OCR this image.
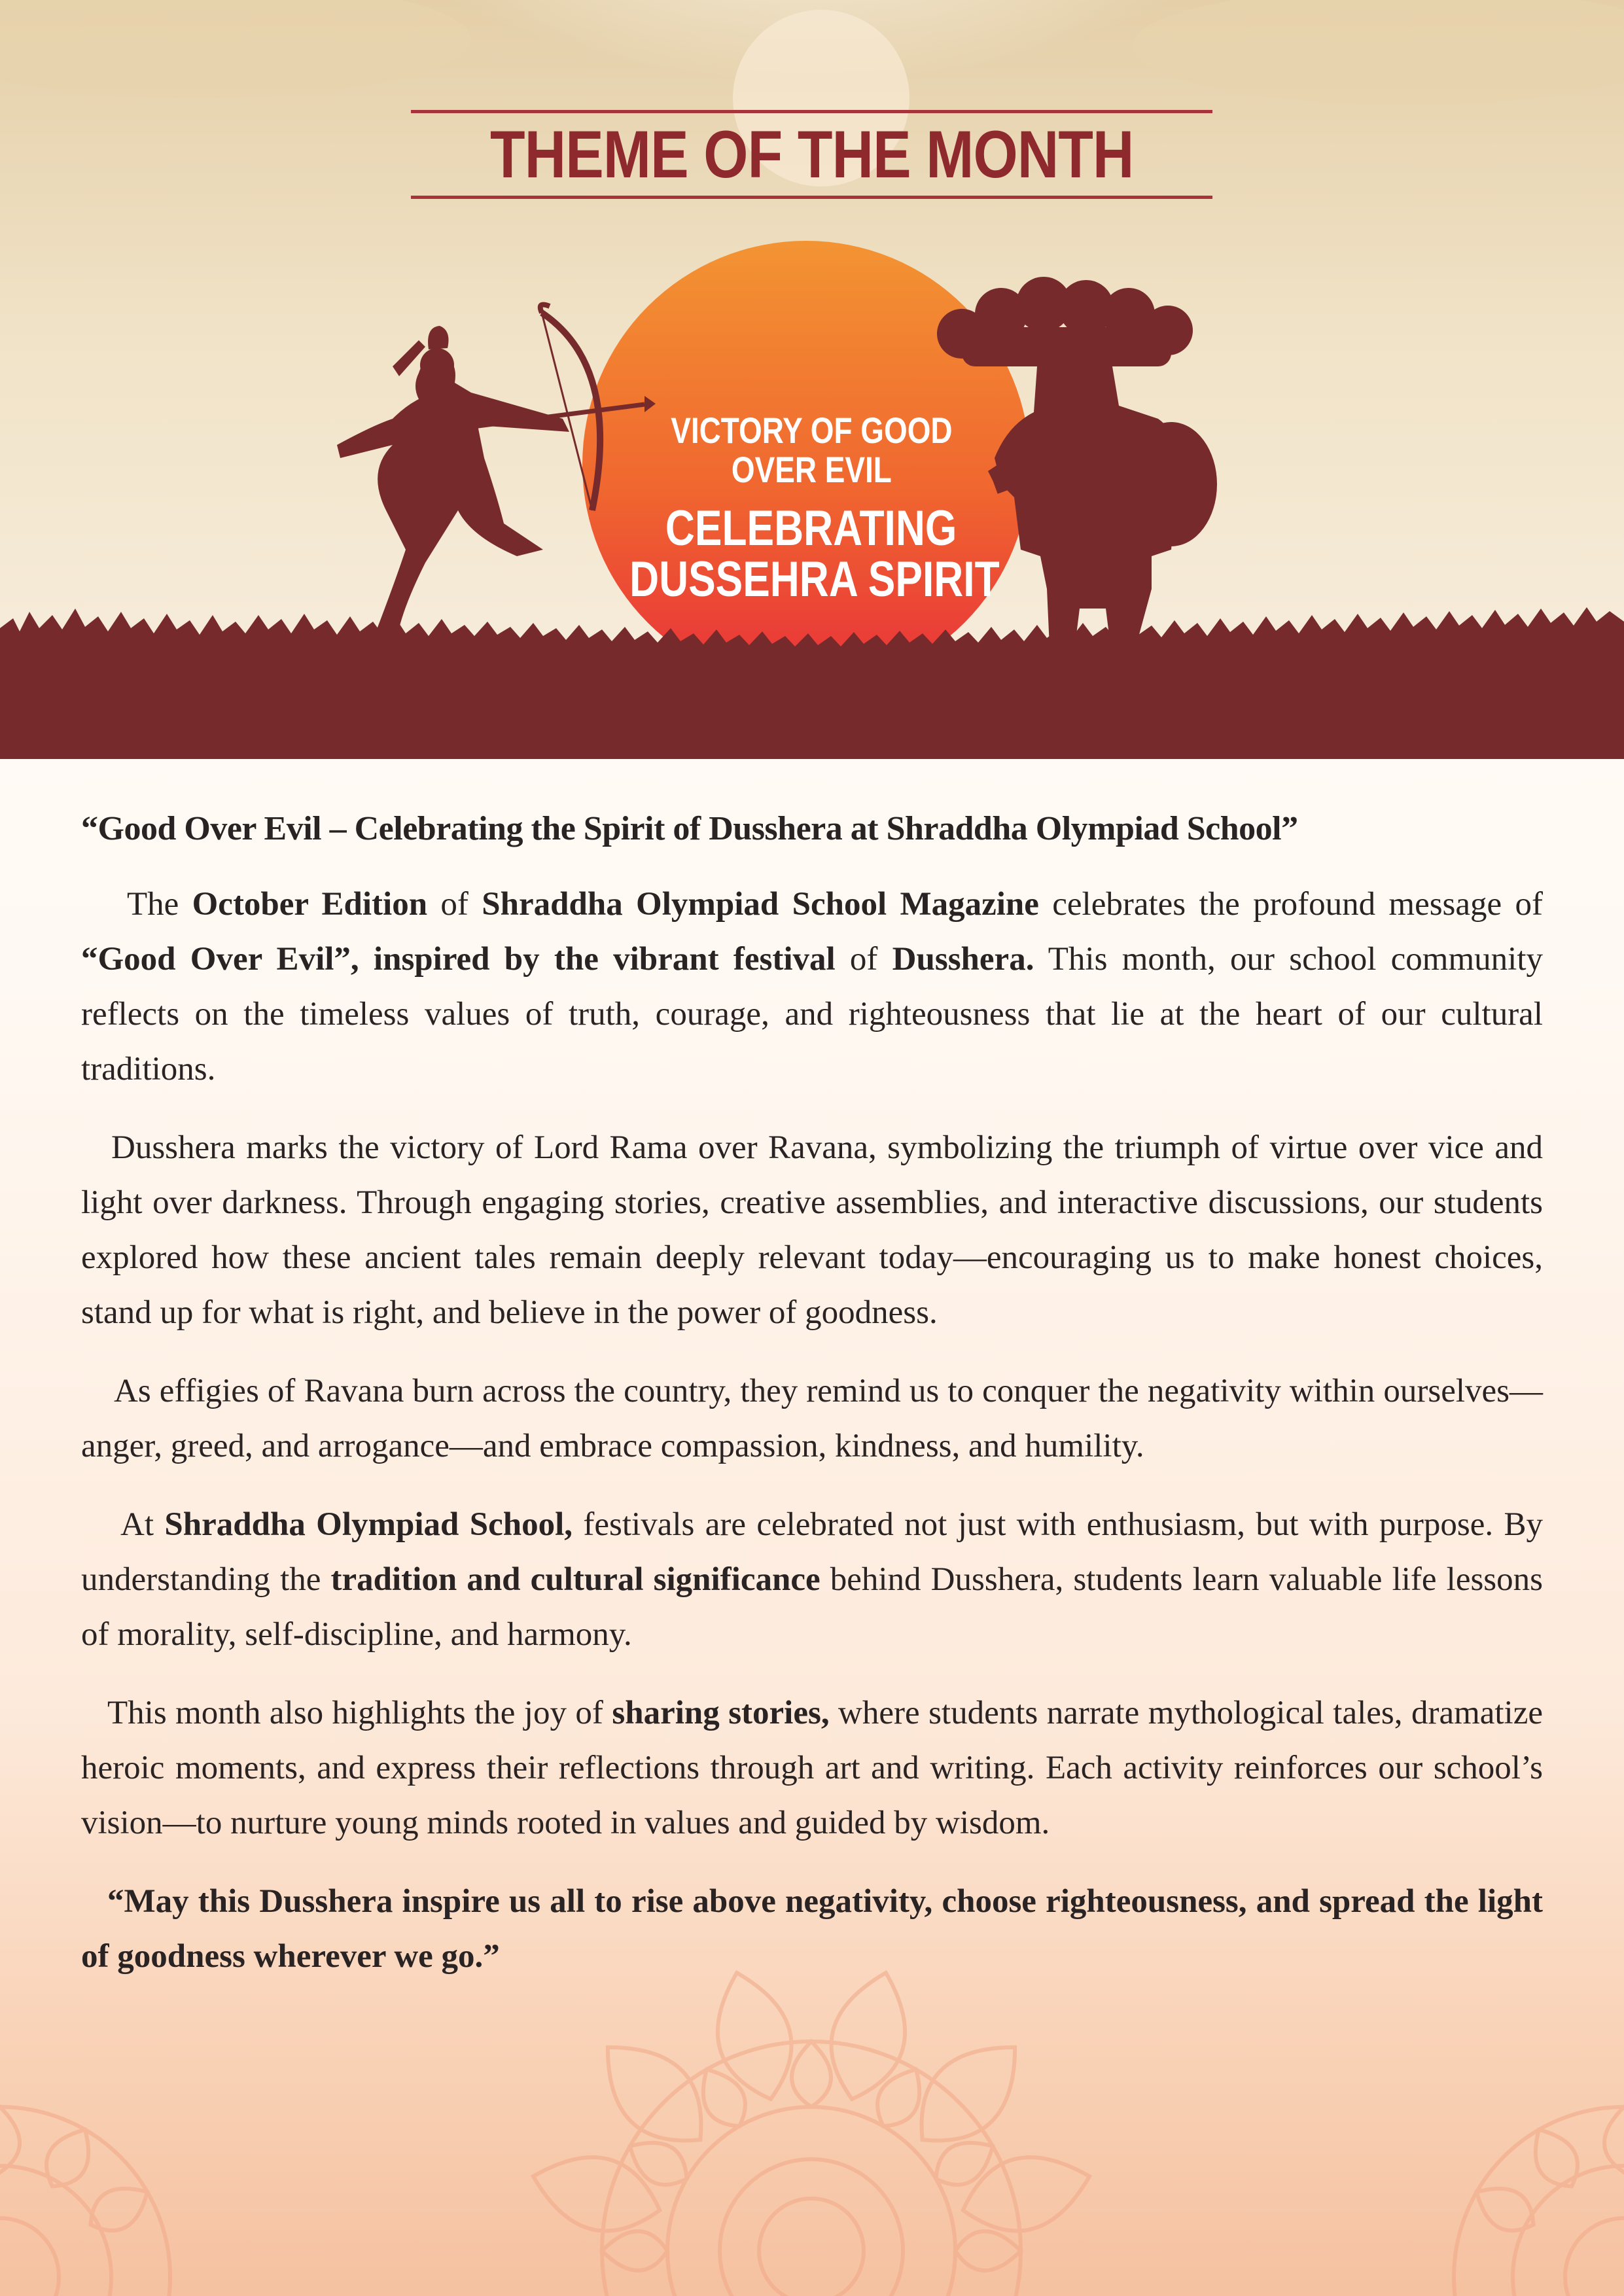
THEME OF THE MONTH
VICTORY OF GOOD
OVER EVIL
CELEBRATING
DUSSEHRA SPIRIT

“Good Over Evil – Celebrating the Spirit of Dusshera at Shraddha Olympiad School”

The October Edition of Shraddha Olympiad School Magazine celebrates the profound message of “Good Over Evil”, inspired by the vibrant festival of Dusshera. This month, our school community reflects on the timeless values of truth, courage, and righteousness that lie at the heart of our cultural traditions.

Dusshera marks the victory of Lord Rama over Ravana, symbolizing the triumph of virtue over vice and light over darkness. Through engaging stories, creative assemblies, and interactive discussions, our students explored how these ancient tales remain deeply relevant today—encouraging us to make honest choices, stand up for what is right, and believe in the power of goodness.

As effigies of Ravana burn across the country, they remind us to conquer the negativity within ourselves—anger, greed, and arrogance—and embrace compassion, kindness, and humility.

At Shraddha Olympiad School, festivals are celebrated not just with enthusiasm, but with purpose. By understanding the tradition and cultural significance behind Dusshera, students learn valuable life lessons of morality, self-discipline, and harmony.

This month also highlights the joy of sharing stories, where students narrate mythological tales, dramatize heroic moments, and express their reflections through art and writing. Each activity reinforces our school’s vision—to nurture young minds rooted in values and guided by wisdom.

“May this Dusshera inspire us all to rise above negativity, choose righteousness, and spread the light of goodness wherever we go.”
